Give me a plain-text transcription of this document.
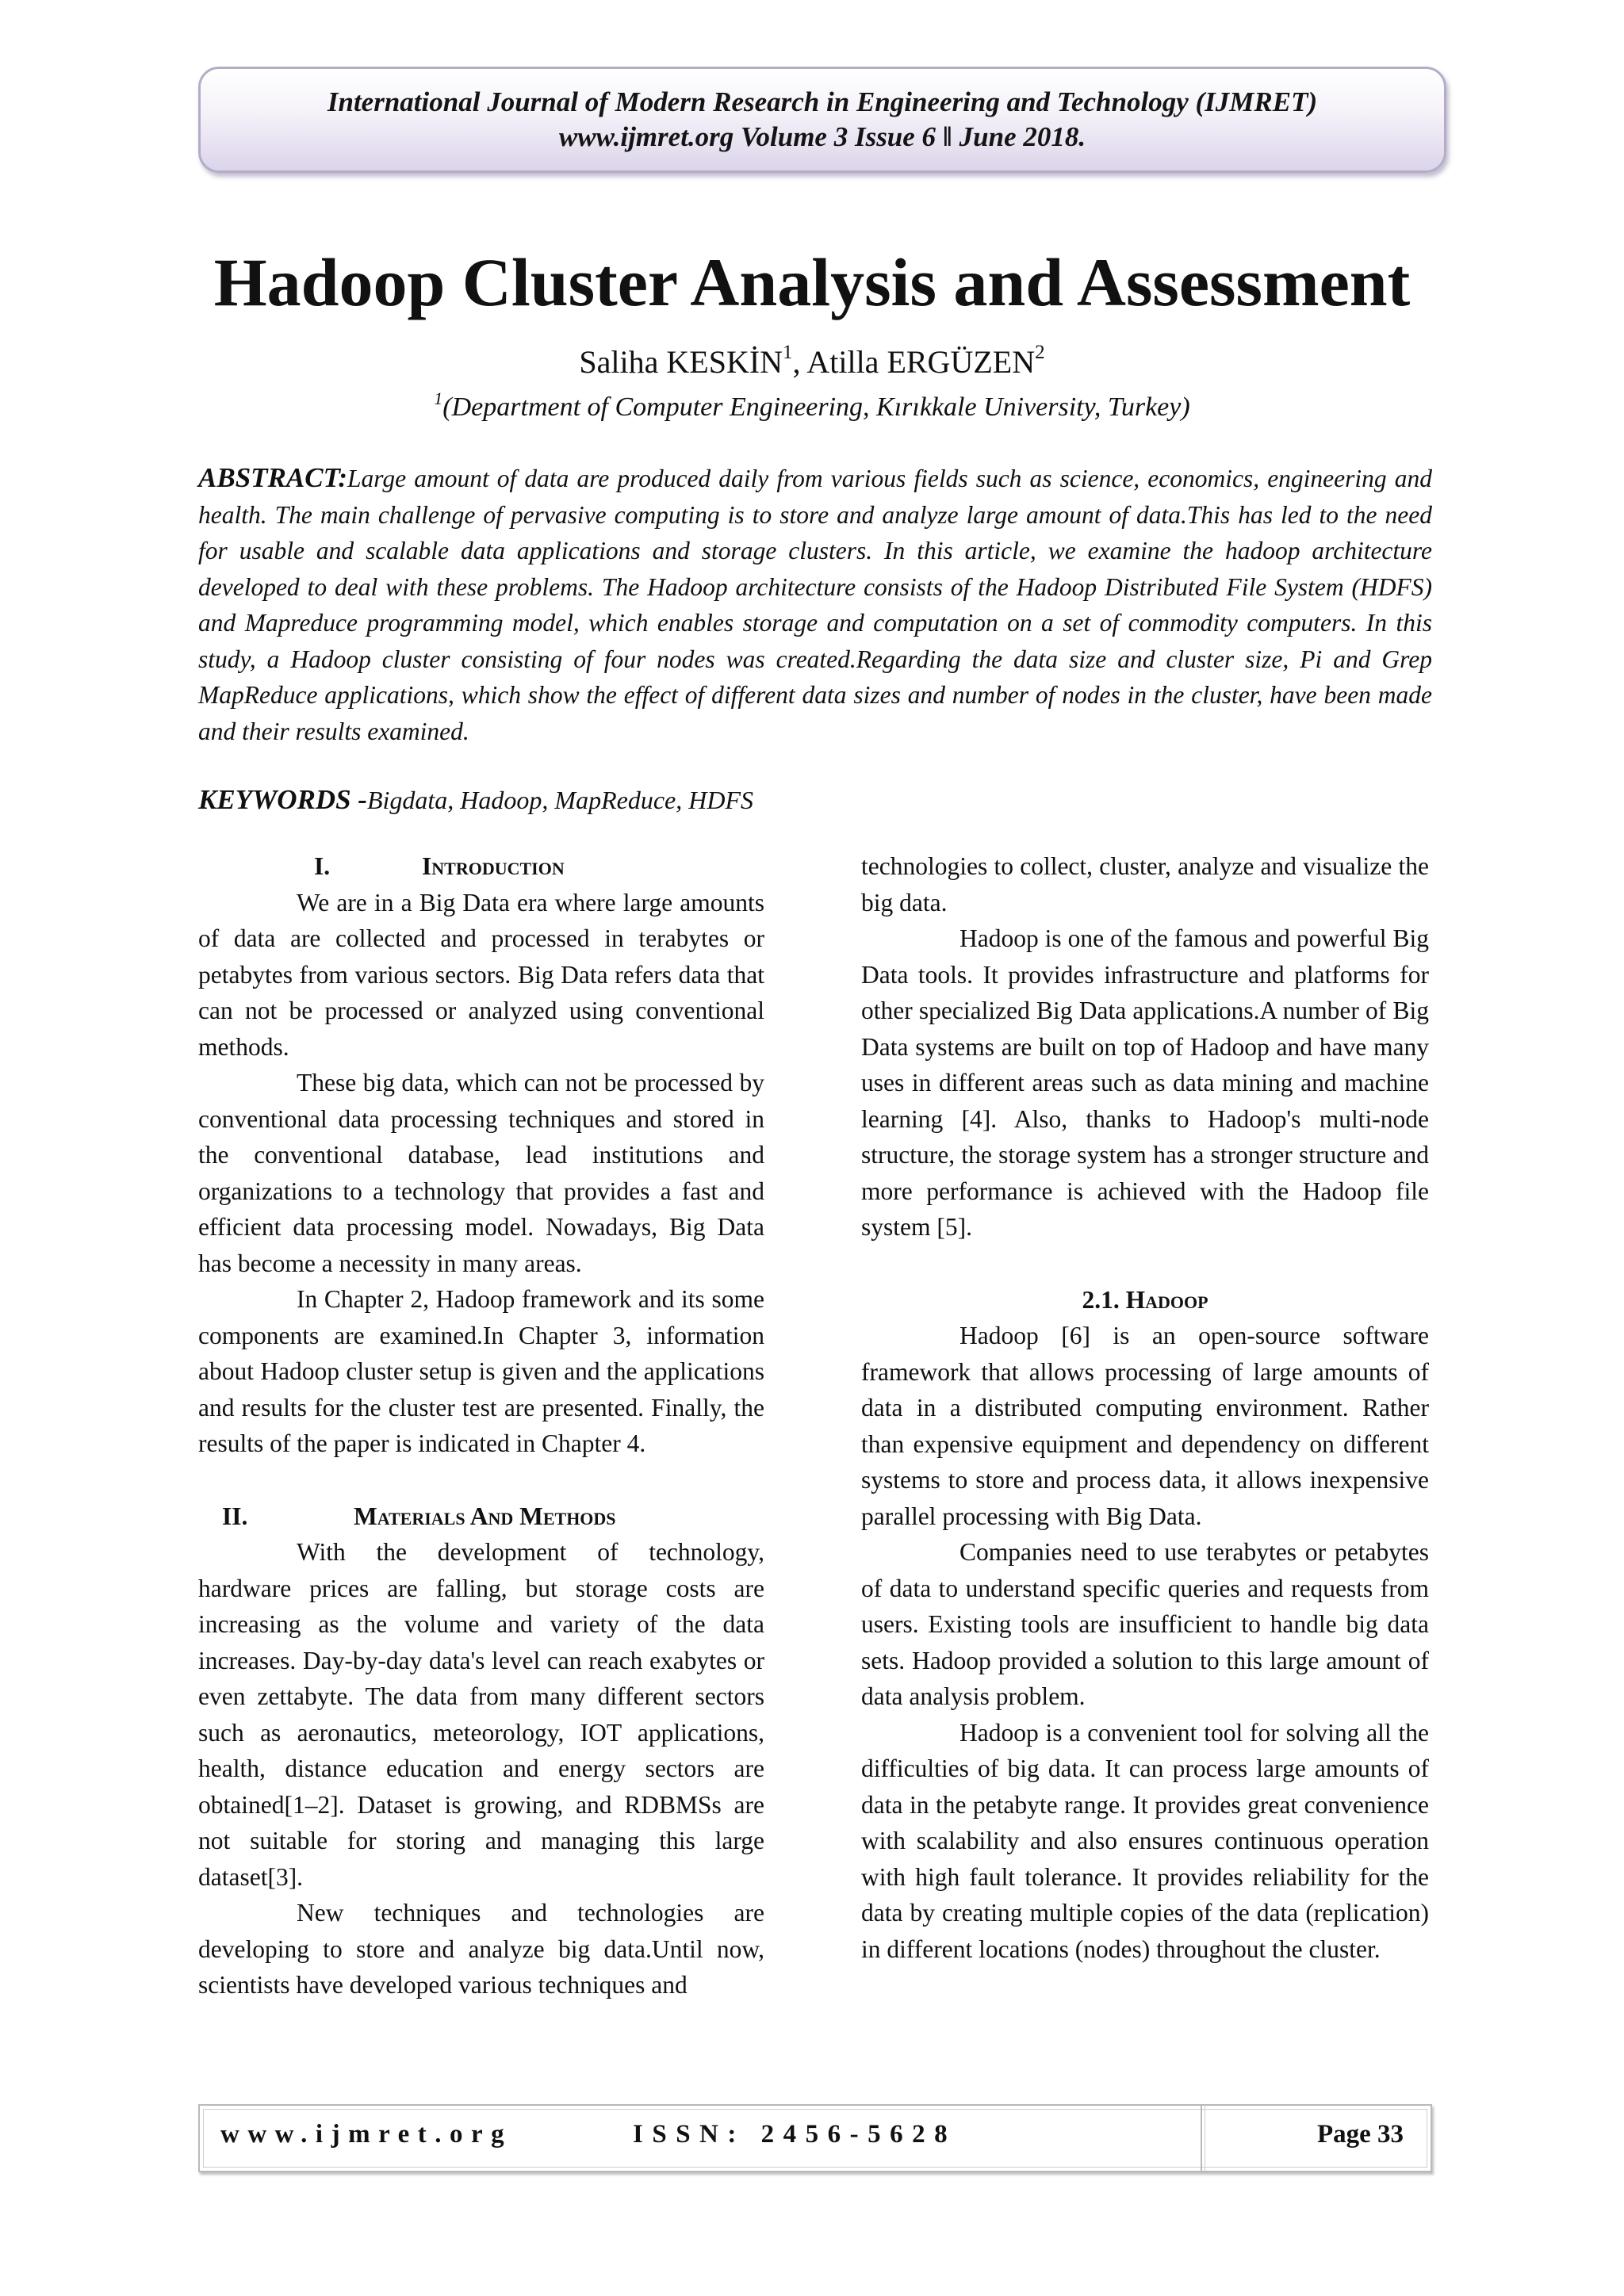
International Journal of Modern Research in Engineering and Technology (IJMRET)
www.ijmret.org Volume 3 Issue 6 ǁ June 2018.
Hadoop Cluster Analysis and Assessment
Saliha KESKİN$^1$, Atilla ERGÜZEN$^2$
$^1$(Department of Computer Engineering, Kırıkkale University, Turkey)
ABSTRACT:Large amount of data are produced daily from various fields such as science, economics, engineering and health. The main challenge of pervasive computing is to store and analyze large amount of data.This has led to the need for usable and scalable data applications and storage clusters. In this article, we examine the hadoop architecture developed to deal with these problems. The Hadoop architecture consists of the Hadoop Distributed File System (HDFS) and Mapreduce programming model, which enables storage and computation on a set of commodity computers. In this study, a Hadoop cluster consisting of four nodes was created.Regarding the data size and cluster size, Pi and Grep MapReduce applications, which show the effect of different data sizes and number of nodes in the cluster, have been made and their results examined.
KEYWORDS -Bigdata, Hadoop, MapReduce, HDFS
I.	Introduction

We are in a Big Data era where large amounts of data are collected and processed in terabytes or petabytes from various sectors. Big Data refers data that can not be processed or analyzed using conventional methods.

These big data, which can not be processed by conventional data processing techniques and stored in the conventional database, lead institutions and organizations to a technology that provides a fast and efficient data processing model. Nowadays, Big Data has become a necessity in many areas.

In Chapter 2, Hadoop framework and its some components are examined.In Chapter 3, information about Hadoop cluster setup is given and the applications and results for the cluster test are presented. Finally, the results of the paper is indicated in Chapter 4.

II.	Materials And Methods

With the development of technology, hardware prices are falling, but storage costs are increasing as the volume and variety of the data increases. Day-by-day data's level can reach exabytes or even zettabyte. The data from many different sectors such as aeronautics, meteorology, IOT applications, health, distance education and energy sectors are obtained[1–2]. Dataset is growing, and RDBMSs are not suitable for storing and managing this large dataset[3].

New techniques and technologies are developing to store and analyze big data.Until now, scientists have developed various techniques and

technologies to collect, cluster, analyze and visualize the big data.

Hadoop is one of the famous and powerful Big Data tools. It provides infrastructure and platforms for other specialized Big Data applications.A number of Big Data systems are built on top of Hadoop and have many uses in different areas such as data mining and machine learning [4]. Also, thanks to Hadoop's multi-node structure, the storage system has a stronger structure and more performance is achieved with the Hadoop file system [5].

2.1. Hadoop

Hadoop [6] is an open-source software framework that allows processing of large amounts of data in a distributed computing environment. Rather than expensive equipment and dependency on different systems to store and process data, it allows inexpensive parallel processing with Big Data.

Companies need to use terabytes or petabytes of data to understand specific queries and requests from users. Existing tools are insufficient to handle big data sets. Hadoop provided a solution to this large amount of data analysis problem.

Hadoop is a convenient tool for solving all the difficulties of big data. It can process large amounts of data in the petabyte range. It provides great convenience with scalability and also ensures continuous operation with high fault tolerance. It provides reliability for the data by creating multiple copies of the data (replication) in different locations (nodes) throughout the cluster.

www.ijmret.org	ISSN: 2456-5628	Page 33
